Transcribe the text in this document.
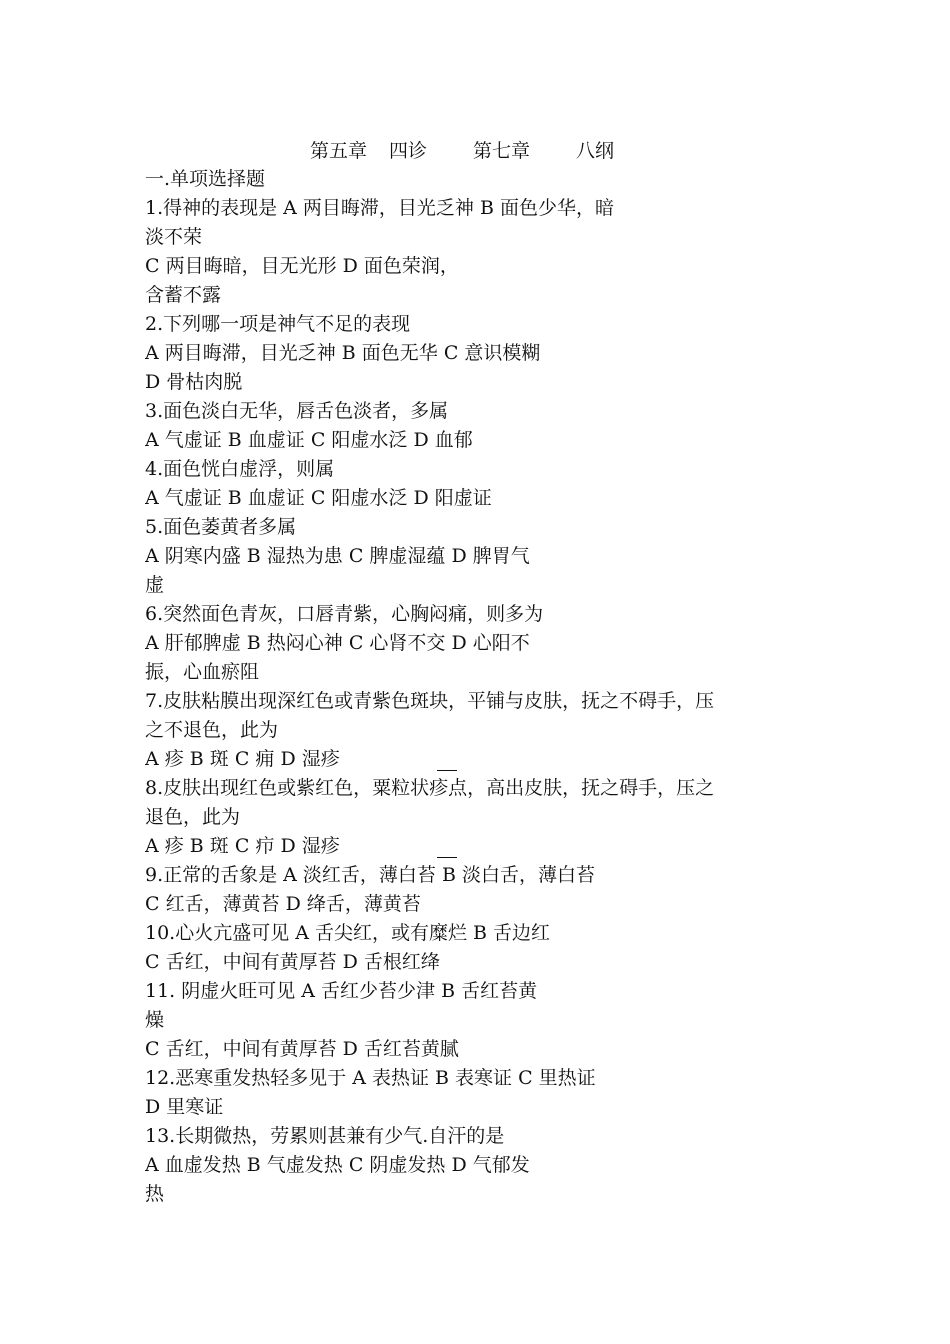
第五章 四诊 第七章 八纲
一.单项选择题
1.得神的表现是 A 两目晦滞，目光乏神 B 面色少华，暗
淡不荣
C 两目晦暗，目无光形 D 面色荣润，
含蓄不露
2.下列哪一项是神气不足的表现
A 两目晦滞，目光乏神 B 面色无华 C 意识模糊
D 骨枯肉脱
3.面色淡白无华，唇舌色淡者，多属
A 气虚证 B 血虚证 C 阳虚水泛 D 血郁
4.面色恍白虚浮，则属
A 气虚证 B 血虚证 C 阳虚水泛 D 阳虚证
5.面色萎黄者多属
A 阴寒内盛 B 湿热为患 C 脾虚湿蕴 D 脾胃气
虚
6.突然面色青灰，口唇青紫，心胸闷痛，则多为
A 肝郁脾虚 B 热闷心神 C 心肾不交 D 心阳不
振，心血瘀阻
7.皮肤粘膜出现深红色或青紫色斑块，平铺与皮肤，抚之不碍手，压
之不退色，此为
A 疹 B 斑 C 痈 D 湿疹
8.皮肤出现红色或紫红色，粟粒状疹点，高出皮肤，抚之碍手，压之
退色，此为
A 疹 B 斑 C 疖 D 湿疹
9.正常的舌象是 A 淡红舌，薄白苔 B 淡白舌，薄白苔
C 红舌，薄黄苔 D 绛舌，薄黄苔
10.心火亢盛可见 A 舌尖红，或有糜烂 B 舌边红
C 舌红，中间有黄厚苔 D 舌根红绛
11. 阴虚火旺可见 A 舌红少苔少津 B 舌红苔黄
燥
C 舌红，中间有黄厚苔 D 舌红苔黄腻
12.恶寒重发热轻多见于 A 表热证 B 表寒证 C 里热证
D 里寒证
13.长期微热，劳累则甚兼有少气.自汗的是
A 血虚发热 B 气虚发热 C 阴虚发热 D 气郁发
热
